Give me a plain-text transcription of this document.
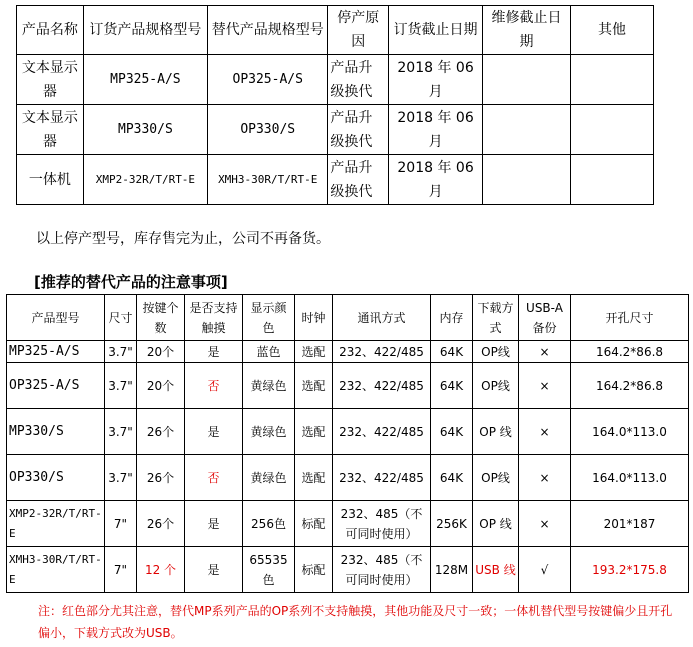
产品名称	订货产品规格型号	替代产品规格型号	停产原因	订货截止日期	维修截止日期	其他
文本显示器	MP325-A/S	OP325-A/S	产品升级换代	2018 年 06 月		
文本显示器	MP330/S	OP330/S	产品升级换代	2018 年 06 月		
一体机	XMP2-32R/T/RT-E	XMH3-30R/T/RT-E	产品升级换代	2018 年 06 月		
以上停产型号，库存售完为止，公司不再备货。
[推荐的替代产品的注意事项]
产品型号	尺寸	按键个数	是否支持触摸	显示颜色	时钟	通讯方式	内存	下载方式	USB-A备份	开孔尺寸
MP325-A/S	3.7"	20个	是	蓝色	选配	232、422/485	64K	OP线	×	164.2*86.8
OP325-A/S	3.7"	20个	否	黄绿色	选配	232、422/485	64K	OP线	×	164.2*86.8
MP330/S	3.7"	26个	是	黄绿色	选配	232、422/485	64K	OP 线	×	164.0*113.0
OP330/S	3.7"	26个	否	黄绿色	选配	232、422/485	64K	OP线	×	164.0*113.0
XMP2-32R/T/RT-E	7"	26个	是	256色	标配	232、485（不可同时使用）	256K	OP 线	×	201*187
XMH3-30R/T/RT-E	7"	12 个	是	65535色	标配	232、485（不可同时使用）	128M	USB 线	√	193.2*175.8
注：红色部分尤其注意，替代MP系列产品的OP系列不支持触摸，其他功能及尺寸一致；一体机替代型号按键偏少且开孔偏小，下载方式改为USB。
